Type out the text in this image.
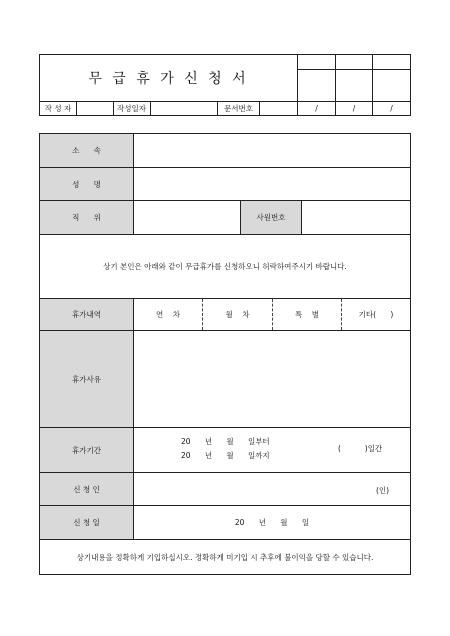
무 급 휴 가 신 청 서
작 성 자	작성일자	문서번호	/	/	/
소      속
성      명
직      위	사원번호
상기 본인은 아래와 같이 무급휴가를 신청하오니 허락하여주시기 바랍니다.
휴가내역	연    차	월    차	특    별	기타(      )
휴가사유
휴가기간
20      년      월      일부터
20      년      월      일까지
(          )일간
신 청 인	(인)
신 청 일	20      년      월      일
상기내용을 정확하게 기입하십시오. 정확하게 미기입 시 추후에 불이익을 당할 수 있습니다.
